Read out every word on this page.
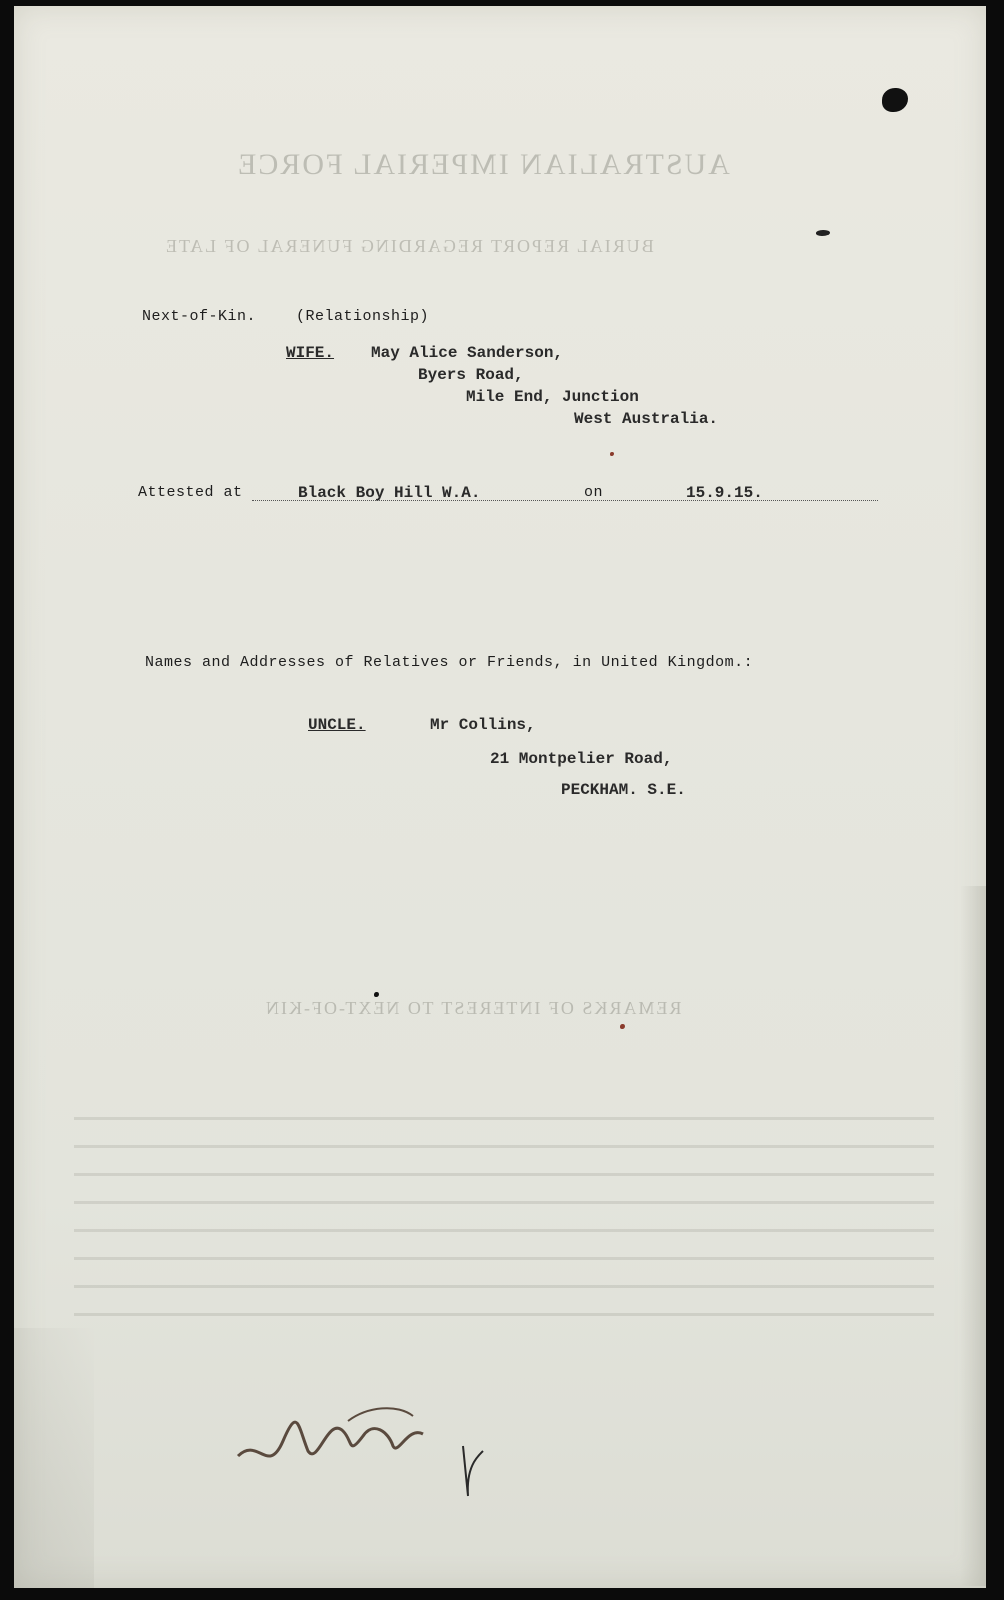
AUSTRALIAN IMPERIAL FORCE
BURIAL REPORT REGARDING FUNERAL OF LATE
REMARKS OF INTEREST TO NEXT-OF-KIN
Next-of-Kin.	(Relationship)
WIFE. May Alice Sanderson,
Byers Road,
Mile End, Junction
West Australia.
Attested at	Black Boy Hill W.A.	on	15.9.15.
Names and Addresses of Relatives or Friends, in United Kingdom.:
UNCLE.	Mr Collins,
21 Montpelier Road,
PECKHAM. S.E.
